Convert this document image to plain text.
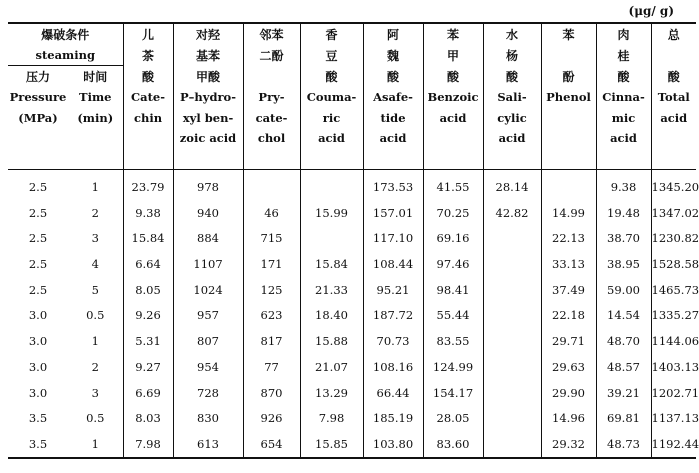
(μg/ g)
爆破条件		儿	对羟	邻苯	香	阿	苯	水	苯	肉	总
steaming		茶	基苯	二酚	豆	魏	甲	杨		桂	
压力	时间	酸	甲酸		酸	酸	酸	酸	酚	酸	酸
Pressure	Time	Cate-	P–hydro-	Pry-	Couma-	Asafe-	Benzoic	Sali-	Phenol	Cinna-	Total
(MPa)	(min)	chin	xyl ben-	cate-	ric	tide	acid	cylic		mic	acid
			zoic acid	chol	acid	acid		acid		acid	

2.5	1	23.79	978			173.53	41.55	28.14		9.38	1345.20
2.5	2	9.38	940	46	15.99	157.01	70.25	42.82	14.99	19.48	1347.02
2.5	3	15.84	884	715		117.10	69.16		22.13	38.70	1230.82
2.5	4	6.64	1107	171	15.84	108.44	97.46		33.13	38.95	1528.58
2.5	5	8.05	1024	125	21.33	95.21	98.41		37.49	59.00	1465.73
3.0	0.5	9.26	957	623	18.40	187.72	55.44		22.18	14.54	1335.27
3.0	1	5.31	807	817	15.88	70.73	83.55		29.71	48.70	1144.06
3.0	2	9.27	954	77	21.07	108.16	124.99		29.63	48.57	1403.13
3.0	3	6.69	728	870	13.29	66.44	154.17		29.90	39.21	1202.71
3.5	0.5	8.03	830	926	7.98	185.19	28.05		14.96	69.81	1137.13
3.5	1	7.98	613	654	15.85	103.80	83.60		29.32	48.73	1192.44
